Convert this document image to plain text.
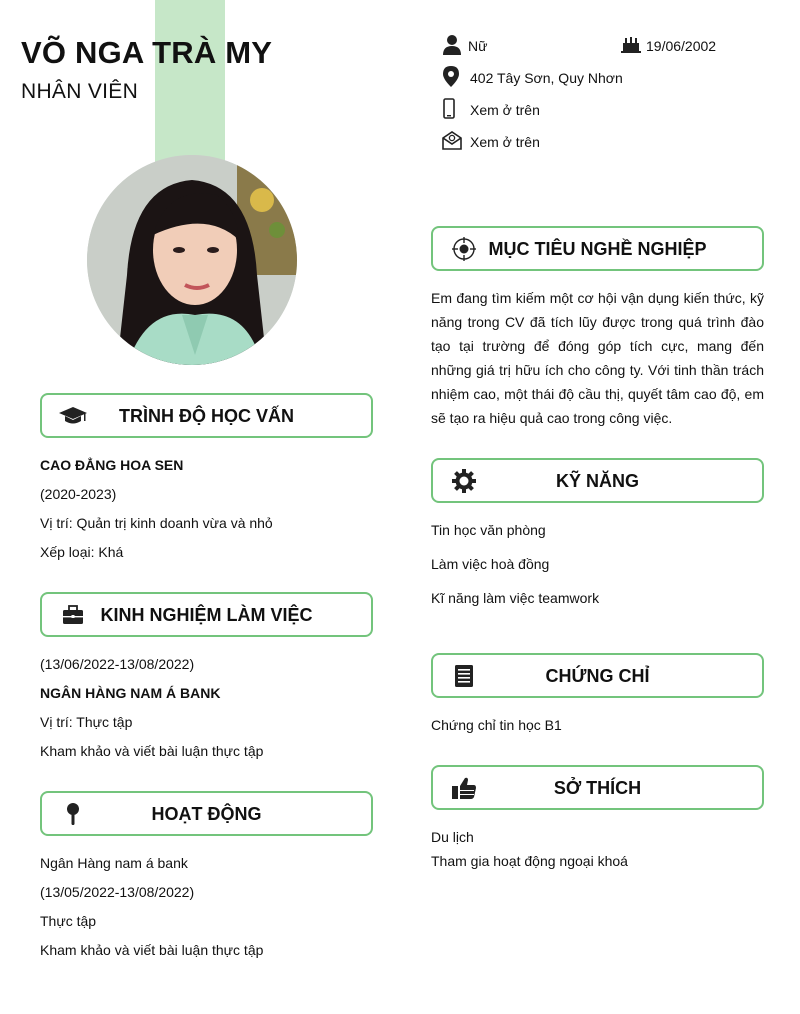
VÕ NGA TRÀ MY
NHÂN VIÊN
Nữ	19/06/2002
402 Tây Sơn, Quy Nhơn
Xem ở trên
Xem ở trên
TRÌNH ĐỘ HỌC VẤN
CAO ĐẲNG HOA SEN
(2020-2023)
Vị trí: Quản trị kinh doanh vừa và nhỏ
Xếp loại: Khá
KINH NGHIỆM LÀM VIỆC
(13/06/2022-13/08/2022)
NGÂN HÀNG NAM Á BANK
Vị trí: Thực tập
Kham khảo và viết bài luận thực tập
HOẠT ĐỘNG
Ngân Hàng nam á bank
(13/05/2022-13/08/2022)
Thực tập
Kham khảo và viết bài luận thực tập
MỤC TIÊU NGHỀ NGHIỆP
Em đang tìm kiếm một cơ hội vận dụng kiến thức, kỹ năng trong CV đã tích lũy được trong quá trình đào tạo tại trường để đóng góp tích cực, mang đến những giá trị hữu ích cho công ty. Với tinh thần trách nhiệm cao, một thái độ cầu thị, quyết tâm cao độ, em sẽ tạo ra hiệu quả cao trong công việc.
KỸ NĂNG
Tin học văn phòng
Làm việc hoà đồng
Kĩ năng làm việc teamwork
CHỨNG CHỈ
Chứng chỉ tin học B1
SỞ THÍCH
Du lịch
Tham gia hoạt động ngoại khoá
